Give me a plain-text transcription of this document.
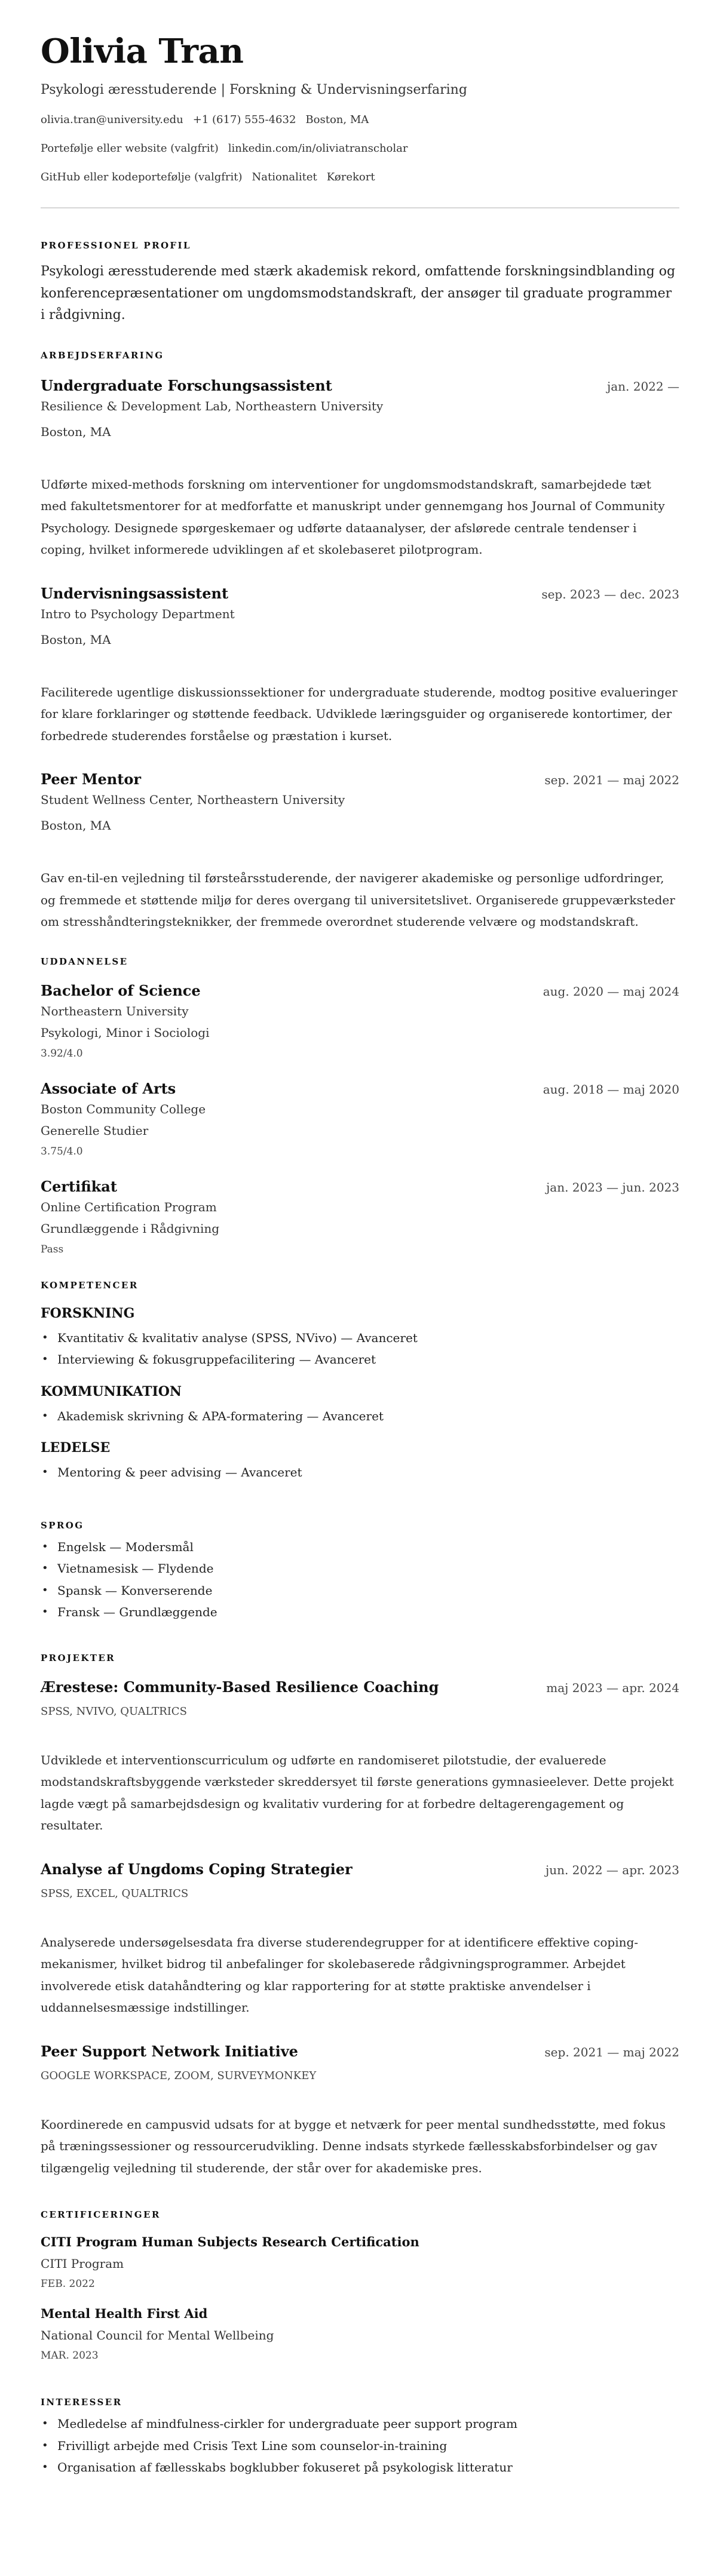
Olivia Tran
Psykologi æresstuderende | Forskning & Undervisningserfaring
olivia.tran@university.edu +1 (617) 555-4632 Boston, MA
Portefølje eller website (valgfrit) linkedin.com/in/oliviatranscholar
GitHub eller kodeportefølje (valgfrit) Nationalitet Kørekort
PROFESSIONEL PROFIL

Psykologi æresstuderende med stærk akademisk rekord, omfattende forskningsindblanding og konferencepræsentationer om ungdomsmodstandskraft, der ansøger til graduate programmer i rådgivning.

ARBEJDSERFARING
Undergraduate Forschungsassistent	jan. 2022 —
Resilience & Development Lab, Northeastern University
Boston, MA

Udførte mixed-methods forskning om interventioner for ungdomsmodstandskraft, samarbejdede tæt med fakultetsmentorer for at medforfatte et manuskript under gennemgang hos Journal of Community Psychology. Designede spørgeskemaer og udførte dataanalyser, der afslørede centrale tendenser i coping, hvilket informerede udviklingen af et skolebaseret pilotprogram.

Undervisningsassistent	sep. 2023 — dec. 2023
Intro to Psychology Department
Boston, MA

Faciliterede ugentlige diskussionssektioner for undergraduate studerende, modtog positive evalueringer for klare forklaringer og støttende feedback. Udviklede læringsguider og organiserede kontortimer, der forbedrede studerendes forståelse og præstation i kurset.

Peer Mentor	sep. 2021 — maj 2022
Student Wellness Center, Northeastern University
Boston, MA

Gav en-til-en vejledning til førsteårsstuderende, der navigerer akademiske og personlige udfordringer, og fremmede et støttende miljø for deres overgang til universitetslivet. Organiserede gruppeværksteder om stresshåndteringsteknikker, der fremmede overordnet studerende velvære og modstandskraft.

UDDANNELSE
Bachelor of Science	aug. 2020 — maj 2024
Northeastern University
Psykologi, Minor i Sociologi
3.92/4.0
Associate of Arts	aug. 2018 — maj 2020
Boston Community College
Generelle Studier
3.75/4.0
Certifikat	jan. 2023 — jun. 2023
Online Certification Program
Grundlæggende i Rådgivning
Pass
KOMPETENCER
FORSKNING
• Kvantitativ & kvalitativ analyse (SPSS, NVivo) — Avanceret
• Interviewing & fokusgruppefacilitering — Avanceret
KOMMUNIKATION
• Akademisk skrivning & APA-formatering — Avanceret
LEDELSE
• Mentoring & peer advising — Avanceret
SPROG
• Engelsk — Modersmål
• Vietnamesisk — Flydende
• Spansk — Konverserende
• Fransk — Grundlæggende
PROJEKTER
Ærestese: Community-Based Resilience Coaching	maj 2023 — apr. 2024
SPSS, NVIVO, QUALTRICS

Udviklede et interventionscurriculum og udførte en randomiseret pilotstudie, der evaluerede modstandskraftsbyggende værksteder skreddersyet til første generations gymnasieelever. Dette projekt lagde vægt på samarbejdsdesign og kvalitativ vurdering for at forbedre deltagerengagement og resultater.

Analyse af Ungdoms Coping Strategier	jun. 2022 — apr. 2023
SPSS, EXCEL, QUALTRICS

Analyserede undersøgelsesdata fra diverse studerendegrupper for at identificere effektive coping-mekanismer, hvilket bidrog til anbefalinger for skolebaserede rådgivningsprogrammer. Arbejdet involverede etisk datahåndtering og klar rapportering for at støtte praktiske anvendelser i uddannelsesmæssige indstillinger.

Peer Support Network Initiative	sep. 2021 — maj 2022
GOOGLE WORKSPACE, ZOOM, SURVEYMONKEY

Koordinerede en campusvid udsats for at bygge et netværk for peer mental sundhedsstøtte, med fokus på træningssessioner og ressourcerudvikling. Denne indsats styrkede fællesskabsforbindelser og gav tilgængelig vejledning til studerende, der står over for akademiske pres.

CERTIFICERINGER
CITI Program Human Subjects Research Certification
CITI Program
FEB. 2022
Mental Health First Aid
National Council for Mental Wellbeing
MAR. 2023
INTERESSER
• Medledelse af mindfulness-cirkler for undergraduate peer support program
• Frivilligt arbejde med Crisis Text Line som counselor-in-training
• Organisation af fællesskabs bogklubber fokuseret på psykologisk litteratur
